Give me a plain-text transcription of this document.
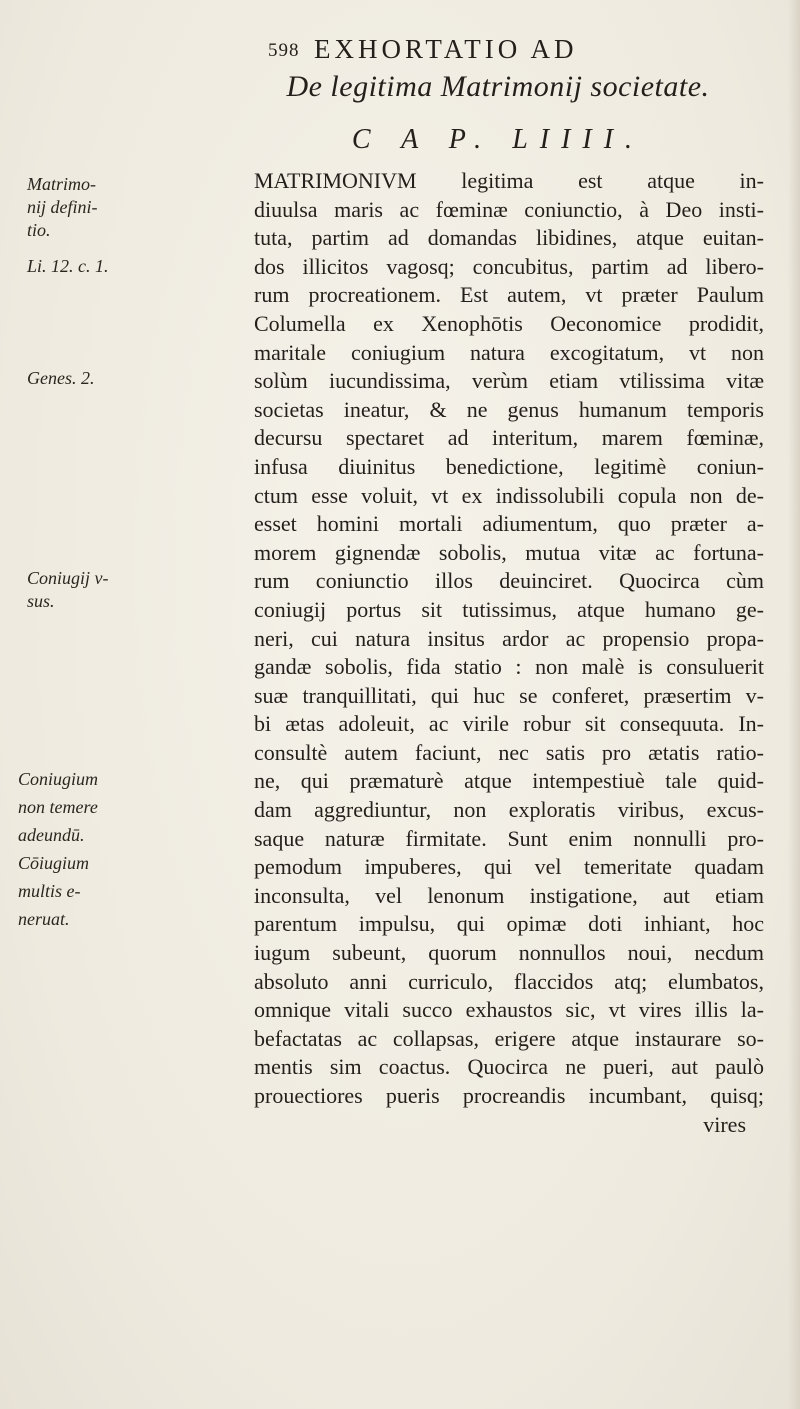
598 EXHORTATIO AD
De legitima Matrimonij societate.
C A P. LIIII.
Matrimo-
nij defini-
tio.
Li. 12. c. 1.
Genes. 2.
Coniugij v-
sus.
Coniugium
non temere
adeundū.
Cōiugium
multis e-
neruat.
MATRIMONIVM legitima est atque in-
diuulsa maris ac fœminæ coniunctio, à Deo insti-
tuta, partim ad domandas libidines, atque euitan-
dos illicitos vagosq; concubitus, partim ad libero-
rum procreationem. Est autem, vt præter Paulum
Columella ex Xenophōtis Oeconomice prodidit,
maritale coniugium natura excogitatum, vt non
solùm iucundissima, verùm etiam vtilissima vitæ
societas ineatur, & ne genus humanum temporis
decursu spectaret ad interitum, marem fœminæ,
infusa diuinitus benedictione, legitimè coniun-
ctum esse voluit, vt ex indissolubili copula non de-
esset homini mortali adiumentum, quo præter a-
morem gignendæ sobolis, mutua vitæ ac fortuna-
rum coniunctio illos deuinciret. Quocirca cùm
coniugij portus sit tutissimus, atque humano ge-
neri, cui natura insitus ardor ac propensio propa-
gandæ sobolis, fida statio : non malè is consuluerit
suæ tranquillitati, qui huc se conferet, præsertim v-
bi ætas adoleuit, ac virile robur sit consequuta. In-
consultè autem faciunt, nec satis pro ætatis ratio-
ne, qui præmaturè atque intempestiuè tale quid-
dam aggrediuntur, non exploratis viribus, excus-
saque naturæ firmitate. Sunt enim nonnulli pro-
pemodum impuberes, qui vel temeritate quadam
inconsulta, vel lenonum instigatione, aut etiam
parentum impulsu, qui opimæ doti inhiant, hoc
iugum subeunt, quorum nonnullos noui, necdum
absoluto anni curriculo, flaccidos atq; elumbatos,
omnique vitali succo exhaustos sic, vt vires illis la-
befactatas ac collapsas, erigere atque instaurare so-
mentis sim coactus. Quocirca ne pueri, aut paulò
prouectiores pueris procreandis incumbant, quisq;
vires
